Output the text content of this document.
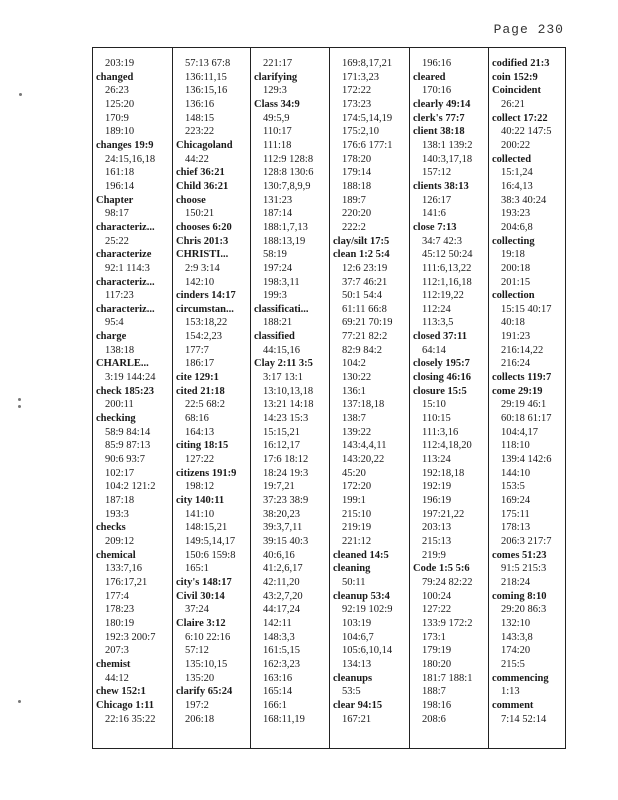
Page 230
203:19
changed
26:23
125:20
170:9
189:10
changes 19:9
24:15,16,18
161:18
196:14
Chapter
98:17
characteriz...
25:22
characterize
92:1 114:3
characteriz...
117:23
characteriz...
95:4
charge
138:18
CHARLE...
3:19 144:24
check 185:23
200:11
checking
58:9 84:14
85:9 87:13
90:6 93:7
102:17
104:2 121:2
187:18
193:3
checks
209:12
chemical
133:7,16
176:17,21
177:4
178:23
180:19
192:3 200:7
207:3
chemist
44:12
chew 152:1
Chicago 1:11
22:16 35:22
57:13 67:8
136:11,15
136:15,16
136:16
148:15
223:22
Chicagoland
44:22
chief 36:21
Child 36:21
choose
150:21
chooses 6:20
Chris 201:3
CHRISTI...
2:9 3:14
142:10
cinders 14:17
circumstan...
153:18,22
154:2,23
177:7
186:17
cite 129:1
cited 21:18
22:5 68:2
68:16
164:13
citing 18:15
127:22
citizens 191:9
198:12
city 140:11
141:10
148:15,21
149:5,14,17
150:6 159:8
165:1
city's 148:17
Civil 30:14
37:24
Claire 3:12
6:10 22:16
57:12
135:10,15
135:20
clarify 65:24
197:2
206:18
221:17
clarifying
129:3
Class 34:9
49:5,9
110:17
111:18
112:9 128:8
128:8 130:6
130:7,8,9,9
131:23
187:14
188:1,7,13
188:13,19
58:19
197:24
198:3,11
199:3
classificati...
188:21
classified
44:15,16
Clay 2:11 3:5
3:17 13:1
13:10,13,18
13:21 14:18
14:23 15:3
15:15,21
16:12,17
17:6 18:12
18:24 19:3
19:7,21
37:23 38:9
38:20,23
39:3,7,11
39:15 40:3
40:6,16
41:2,6,17
42:11,20
43:2,7,20
44:17,24
142:11
148:3,3
161:5,15
162:3,23
163:16
165:14
166:1
168:11,19
169:8,17,21
171:3,23
172:22
173:23
174:5,14,19
175:2,10
176:6 177:1
178:20
179:14
188:18
189:7
220:20
222:2
clay/silt 17:5
clean 1:2 5:4
12:6 23:19
37:7 46:21
50:1 54:4
61:11 66:8
69:21 70:19
77:21 82:2
82:9 84:2
104:2
130:22
136:1
137:18,18
138:7
139:22
143:4,4,11
143:20,22
45:20
172:20
199:1
215:10
219:19
221:12
cleaned 14:5
cleaning
50:11
cleanup 53:4
92:19 102:9
103:19
104:6,7
105:6,10,14
134:13
cleanups
53:5
clear 94:15
167:21
196:16
cleared
170:16
clearly 49:14
clerk's 77:7
client 38:18
138:1 139:2
140:3,17,18
157:12
clients 38:13
126:17
141:6
close 7:13
34:7 42:3
45:12 50:24
111:6,13,22
112:1,16,18
112:19,22
112:24
113:3,5
closed 37:11
64:14
closely 195:7
closing 46:16
closure 15:5
15:10
110:15
111:3,16
112:4,18,20
113:24
192:18,18
192:19
196:19
197:21,22
203:13
215:13
219:9
Code 1:5 5:6
79:24 82:22
100:24
127:22
133:9 172:2
173:1
179:19
180:20
181:7 188:1
188:7
198:16
208:6
codified 21:3
coin 152:9
Coincident
26:21
collect 17:22
40:22 147:5
200:22
collected
15:1,24
16:4,13
38:3 40:24
193:23
204:6,8
collecting
19:18
200:18
201:15
collection
15:15 40:17
40:18
191:23
216:14,22
216:24
collects 119:7
come 29:19
29:19 46:1
60:18 61:17
104:4,17
118:10
139:4 142:6
144:10
153:5
169:24
175:11
178:13
206:3 217:7
comes 51:23
91:5 215:3
218:24
coming 8:10
29:20 86:3
132:10
143:3,8
174:20
215:5
commencing
1:13
comment
7:14 52:14
